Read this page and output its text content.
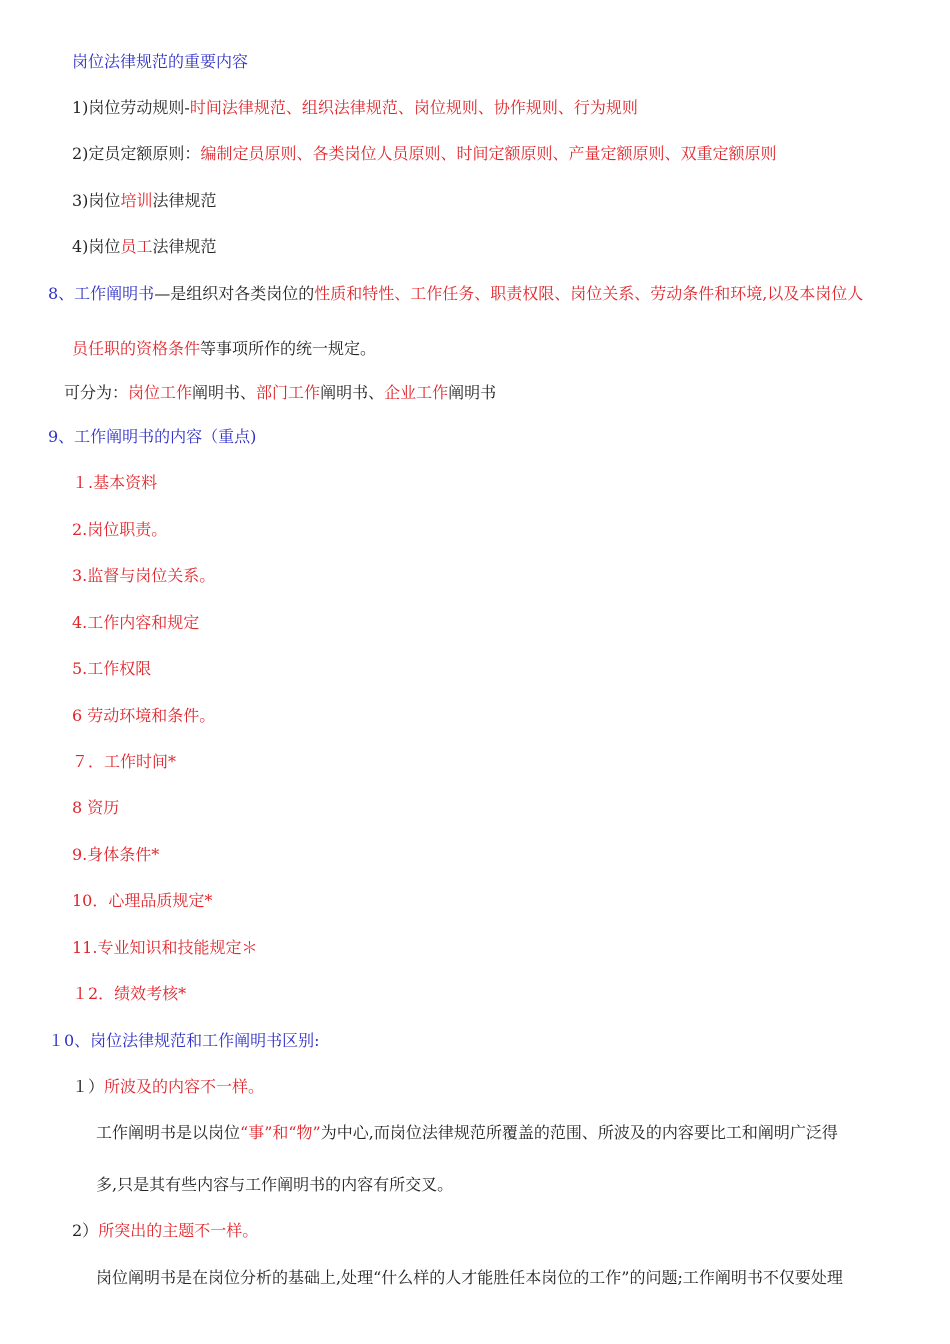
岗位法律规范的重要内容
1)岗位劳动规则-时间法律规范、组织法律规范、岗位规则、协作规则、行为规则
2)定员定额原则：编制定员原则、各类岗位人员原则、时间定额原则、产量定额原则、双重定额原则
3)岗位培训法律规范
4)岗位员工法律规范
8、工作阐明书—是组织对各类岗位的性质和特性、工作任务、职责权限、岗位关系、劳动条件和环境,以及本岗位人
员任职的资格条件等事项所作的统一规定。
可分为：岗位工作阐明书、部门工作阐明书、企业工作阐明书
9、工作阐明书的内容（重点)
１.基本资料
2.岗位职责。
3.监督与岗位关系。
4.工作内容和规定
5.工作权限
6 劳动环境和条件。
７．工作时间*
8 资历
9.身体条件*
10．心理品质规定*
11.专业知识和技能规定＊
１2．绩效考核*
１0、岗位法律规范和工作阐明书区别:
１）所波及的内容不一样。
工作阐明书是以岗位“事”和“物”为中心,而岗位法律规范所覆盖的范围、所波及的内容要比工和阐明广泛得
多,只是其有些内容与工作阐明书的内容有所交叉。
2）所突出的主题不一样。
岗位阐明书是在岗位分析的基础上,处理“什么样的人才能胜任本岗位的工作”的问题;工作阐明书不仅要处理
